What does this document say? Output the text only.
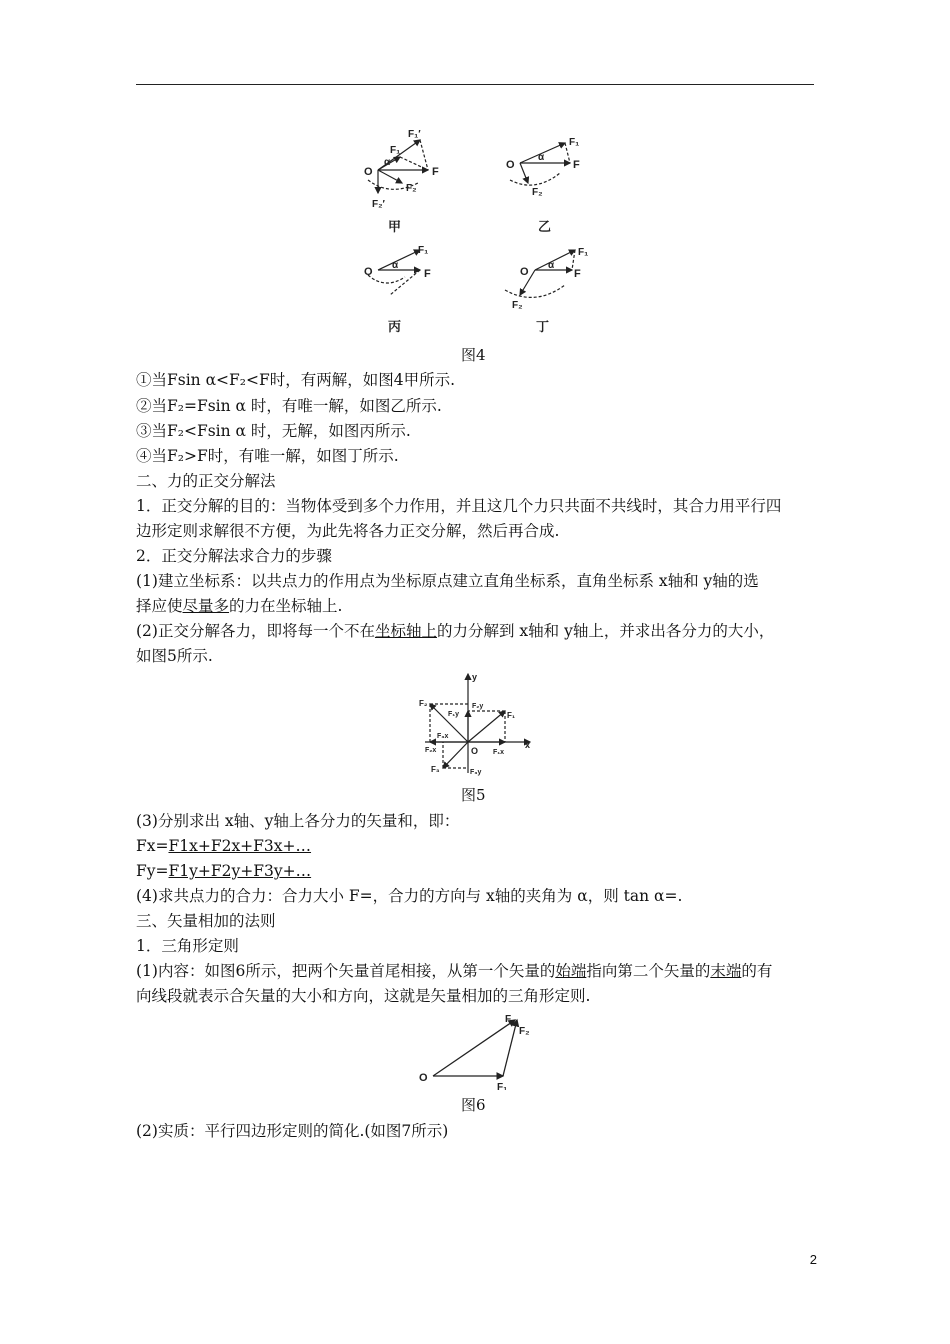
O	F
F₁′
F₁
F₂
F₂′
α
甲
O	F
F₁
F₂
α
乙
O	F
F₁
α
丙
O	F
F₁
F₂
α
丁
图4
①当Fsin α<F₂<F时，有两解，如图4甲所示.
②当F₂=Fsin α 时，有唯一解，如图乙所示.
③当F₂<Fsin α 时，无解，如图丙所示.
④当F₂>F时，有唯一解，如图丁所示.
二、力的正交分解法
1．正交分解的目的：当物体受到多个力作用，并且这几个力只共面不共线时，其合力用平行四
边形定则求解很不方便，为此先将各力正交分解，然后再合成.
2．正交分解法求合力的步骤
(1)建立坐标系：以共点力的作用点为坐标原点建立直角坐标系，直角坐标系 x轴和 y轴的选
择应使尽量多的力在坐标轴上.
(2)正交分解各力，即将每一个不在坐标轴上的力分解到 x轴和 y轴上，并求出各分力的大小，
如图5所示.
y
x
O
F₂
F₁
F₂y
F₁y
F₃x
F₂x	F₁x
F₃	F₃y
图5
(3)分别求出 x轴、y轴上各分力的矢量和，即：
Fx=F1x+F2x+F3x+…
Fy=F1y+F2y+F3y+…
(4)求共点力的合力：合力大小 F=，合力的方向与 x轴的夹角为 α，则 tan α=.
三、矢量相加的法则
1．三角形定则
(1)内容：如图6所示，把两个矢量首尾相接，从第一个矢量的始端指向第二个矢量的末端的有
向线段就表示合矢量的大小和方向，这就是矢量相加的三角形定则.
O
F₁
F₂
F
图6
(2)实质：平行四边形定则的简化.(如图7所示)
2
